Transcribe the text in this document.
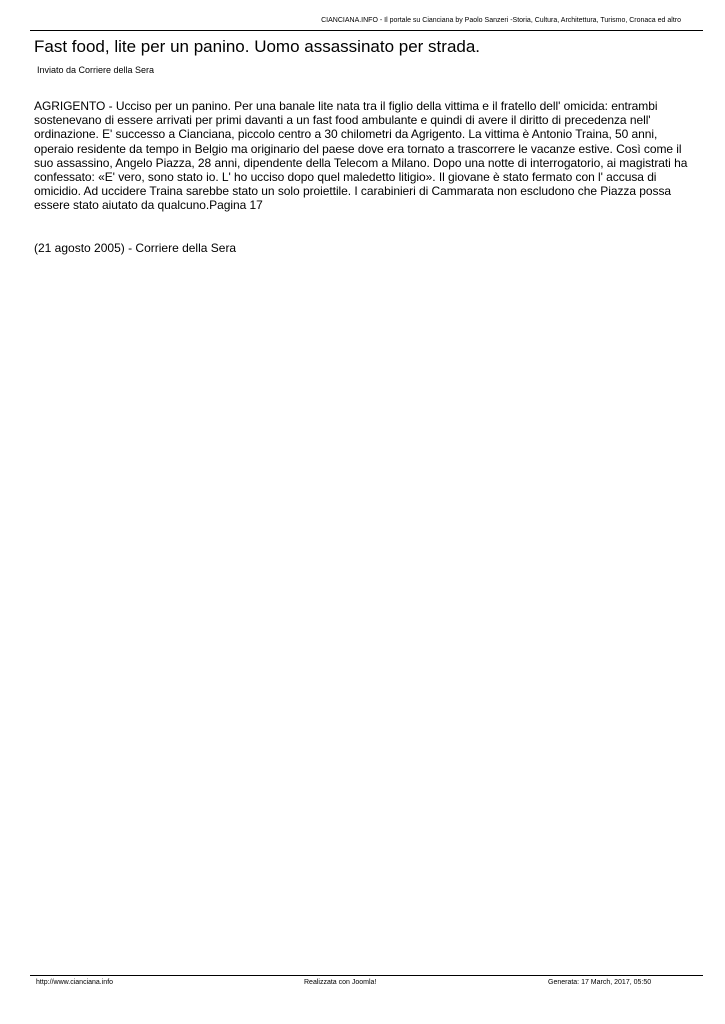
CIANCIANA.INFO - Il portale su Cianciana by Paolo Sanzeri -Storia, Cultura, Architettura, Turismo, Cronaca ed altro
Fast food, lite per un panino. Uomo assassinato per strada.
Inviato da Corriere della Sera

AGRIGENTO - Ucciso per un panino. Per una banale lite nata tra il figlio della vittima e il fratello dell' omicida: entrambi sostenevano di essere arrivati per primi davanti a un fast food ambulante e quindi di avere il diritto di precedenza nell' ordinazione. E' successo a Cianciana, piccolo centro a 30 chilometri da Agrigento. La vittima è Antonio Traina, 50 anni, operaio residente da tempo in Belgio ma originario del paese dove era tornato a trascorrere le vacanze estive. Così come il suo assassino, Angelo Piazza, 28 anni, dipendente della Telecom a Milano. Dopo una notte di interrogatorio, ai magistrati ha confessato: «E' vero, sono stato io. L' ho ucciso dopo quel maledetto litigio». Il giovane è stato fermato con l' accusa di omicidio. Ad uccidere Traina sarebbe stato un solo proiettile. I carabinieri di Cammarata non escludono che Piazza possa essere stato aiutato da qualcuno.Pagina 17

(21 agosto 2005) - Corriere della Sera
http://www.cianciana.info	Realizzata con Joomla!	Generata: 17 March, 2017, 05:50
